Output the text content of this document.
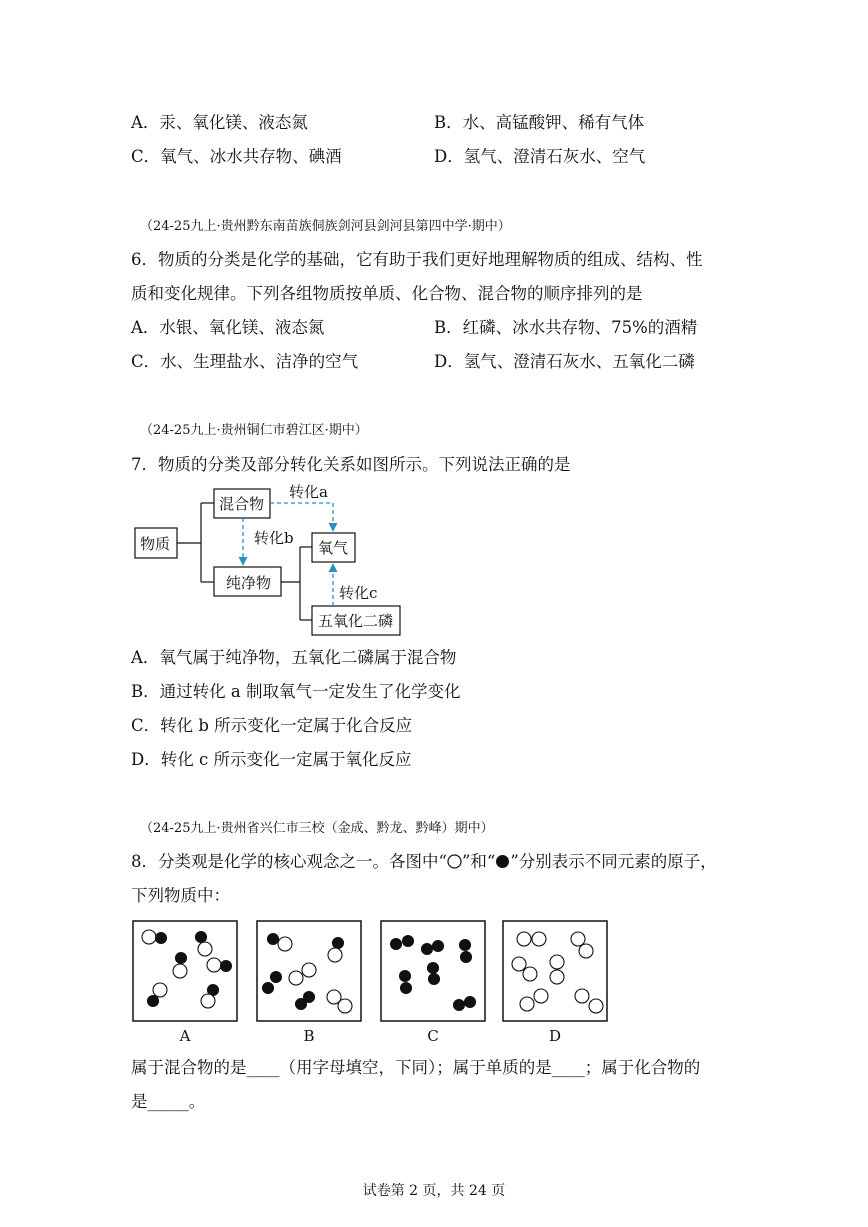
A．汞、氧化镁、液态氮	B．水、高锰酸钾、稀有气体
C．氧气、冰水共存物、碘酒	D．氢气、澄清石灰水、空气
（24-25九上·贵州黔东南苗族侗族剑河县剑河县第四中学·期中）
6．物质的分类是化学的基础，它有助于我们更好地理解物质的组成、结构、性
质和变化规律。下列各组物质按单质、化合物、混合物的顺序排列的是
A．水银、氧化镁、液态氮	B．红磷、冰水共存物、75%的酒精
C．水、生理盐水、洁净的空气	D．氢气、澄清石灰水、五氧化二磷
（24-25九上·贵州铜仁市碧江区·期中）
7．物质的分类及部分转化关系如图所示。下列说法正确的是
物质
混合物
纯净物
氧气
五氧化二磷
转化a
转化b
转化c
A．氧气属于纯净物，五氧化二磷属于混合物
B．通过转化 a 制取氧气一定发生了化学变化
C．转化 b 所示变化一定属于化合反应
D．转化 c 所示变化一定属于氧化反应
（24-25九上·贵州省兴仁市三校（金成、黔龙、黔峰）期中）
8．分类观是化学的核心观念之一。各图中“ ”和“ ”分别表示不同元素的原子，
下列物质中：
A	B	C	D
属于混合物的是____（用字母填空，下同）；属于单质的是____；属于化合物的
是_____。
试卷第 2 页，共 24 页
